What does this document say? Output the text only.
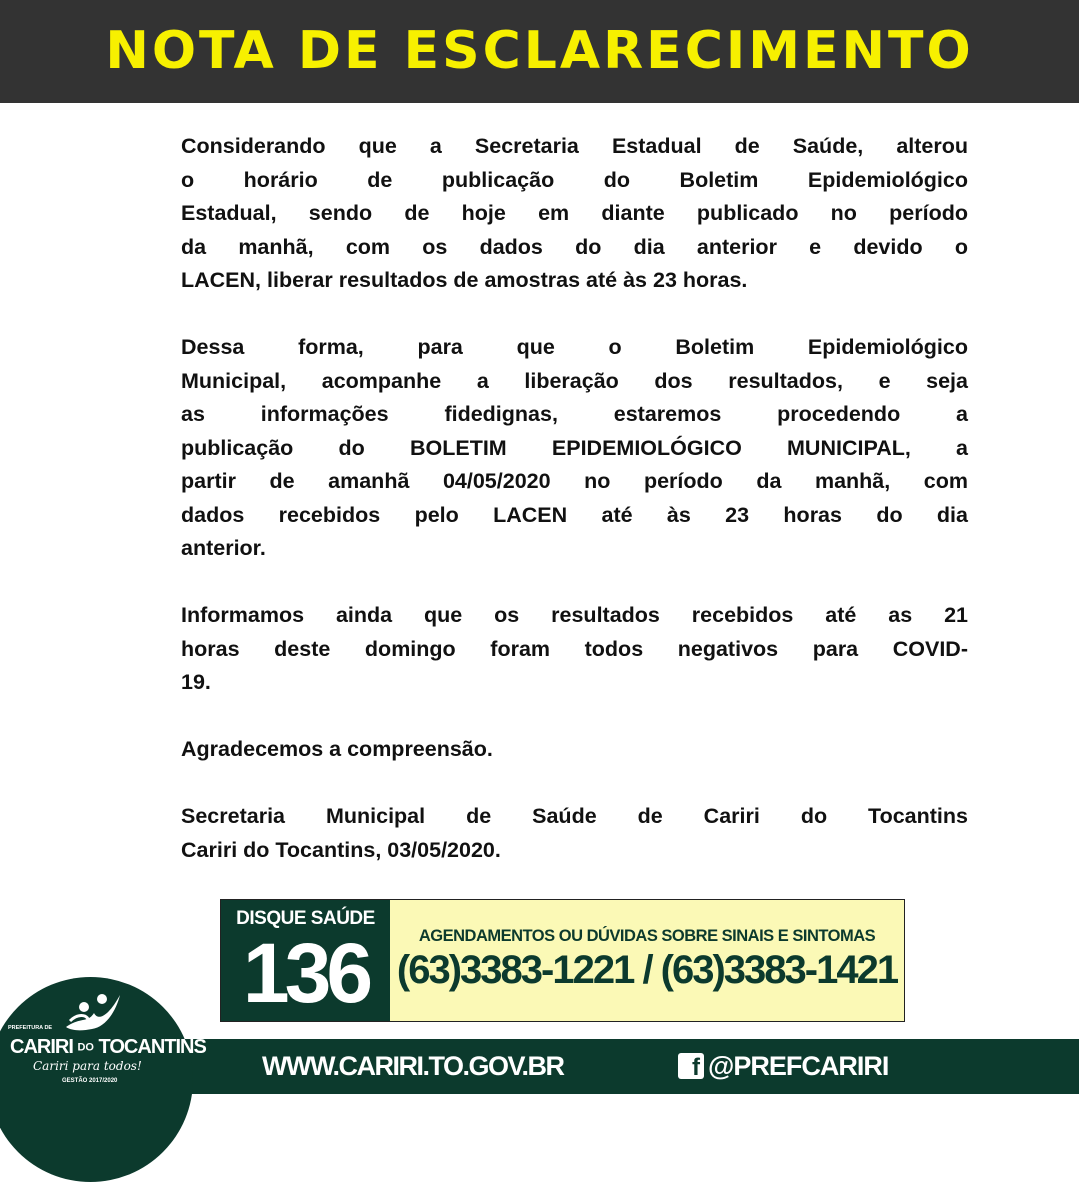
NOTA DE ESCLARECIMENTO

Considerando que a Secretaria Estadual de Saúde, alterou
o horário de publicação do Boletim Epidemiológico
Estadual, sendo de hoje em diante publicado no período
da manhã, com os dados do dia anterior e devido o
LACEN, liberar resultados de amostras até às 23 horas.

Dessa forma, para que o Boletim Epidemiológico
Municipal, acompanhe a liberação dos resultados, e seja
as informações fidedignas, estaremos procedendo a
publicação do BOLETIM EPIDEMIOLÓGICO MUNICIPAL, a
partir de amanhã 04/05/2020 no período da manhã, com
dados recebidos pelo LACEN até às 23 horas do dia
anterior.

Informamos ainda que os resultados recebidos até as 21
horas deste domingo foram todos negativos para COVID-
19.

Agradecemos a compreensão.

Secretaria Municipal de Saúde de Cariri do Tocantins
Cariri do Tocantins, 03/05/2020.

DISQUE SAÚDE
136	AGENDAMENTOS OU DÚVIDAS SOBRE SINAIS E SINTOMAS
(63)3383-1221 / (63)3383-1421
WWW.CARIRI.TO.GOV.BR	f @PREFCARIRI
PREFEITURA DE
CARIRI DO TOCANTINS
Cariri para todos!
GESTÃO 2017/2020
